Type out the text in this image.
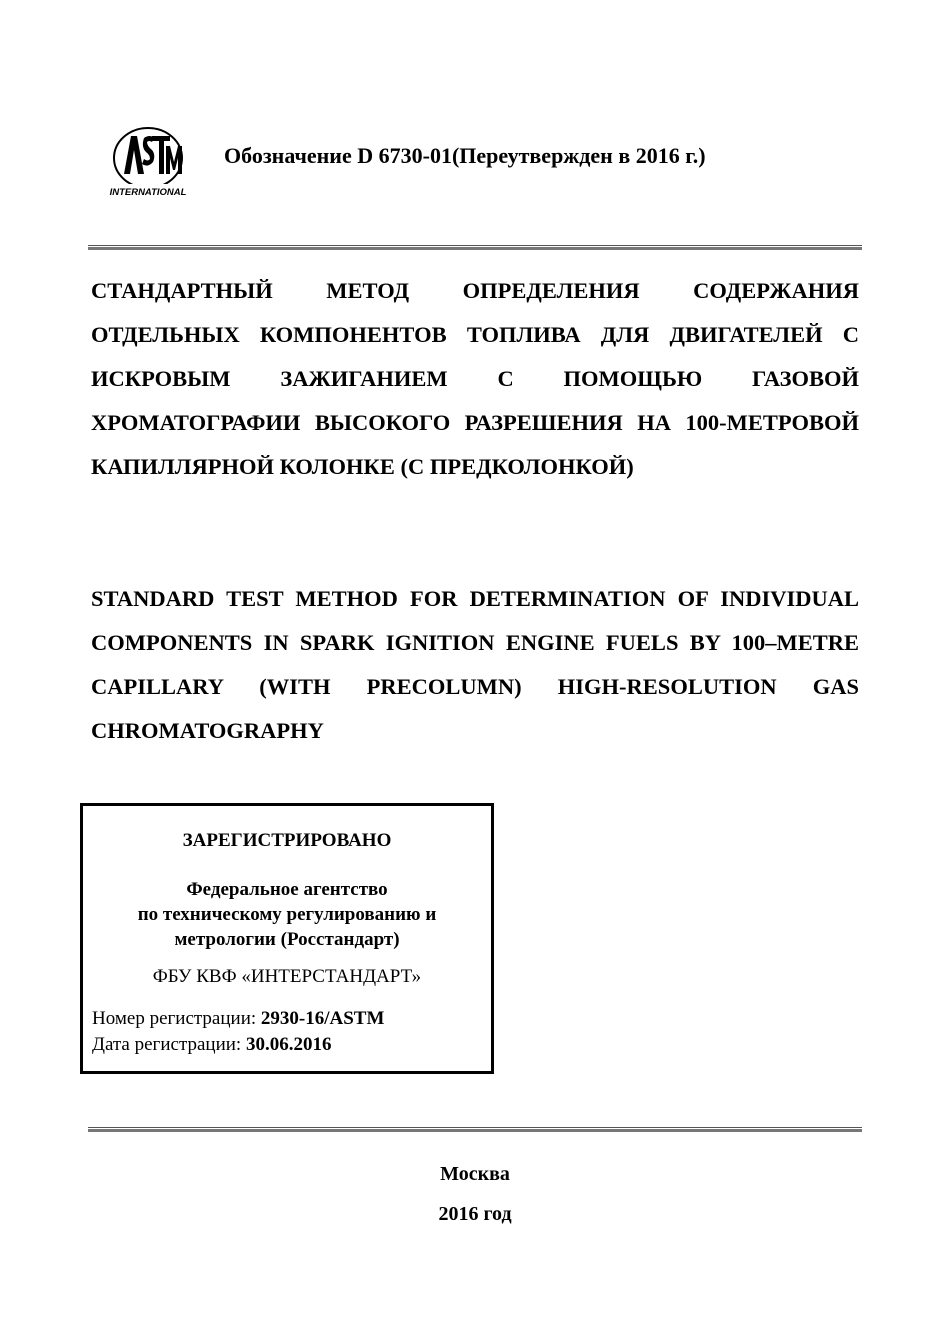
INTERNATIONAL
Обозначение D 6730-01(Переутвержден в 2016 г.)

СТАНДАРТНЫЙ МЕТОД ОПРЕДЕЛЕНИЯ СОДЕРЖАНИЯ ОТДЕЛЬНЫХ КОМПОНЕНТОВ ТОПЛИВА ДЛЯ ДВИГАТЕЛЕЙ С ИСКРОВЫМ ЗАЖИГАНИЕМ С ПОМОЩЬЮ ГАЗОВОЙ ХРОМАТОГРАФИИ ВЫСОКОГО РАЗРЕШЕНИЯ НА 100-МЕТРОВОЙ КАПИЛЛЯРНОЙ КОЛОНКЕ (С ПРЕДКОЛОНКОЙ)

STANDARD TEST METHOD FOR DETERMINATION OF INDIVIDUAL COMPONENTS IN SPARK IGNITION ENGINE FUELS BY 100–METRE CAPILLARY (WITH PRECOLUMN) HIGH-RESOLUTION GAS CHROMATOGRAPHY

ЗАРЕГИСТРИРОВАНО
Федеральное агентство
по техническому регулированию и
метрологии (Росстандарт)
ФБУ КВФ «ИНТЕРСТАНДАРТ»
Номер регистрации: 2930-16/ASTM
Дата регистрации: 30.06.2016
Москва
2016 год
